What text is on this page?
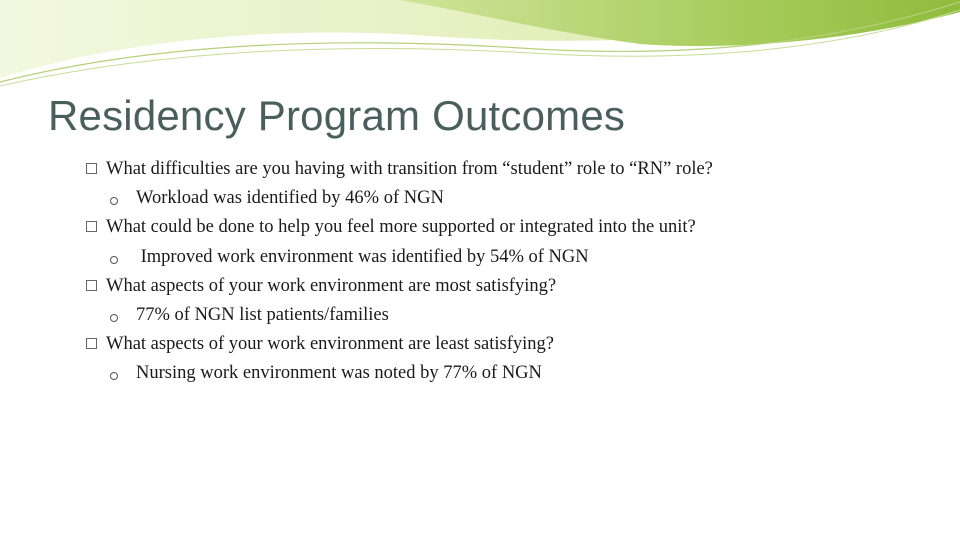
Residency Program Outcomes
What difficulties are you having with transition from “student” role to “RN” role?
Workload was identified by 46% of NGN
What could be done to help you feel more supported or integrated into the unit?
Improved work environment was identified by 54% of NGN
What aspects of your work environment are most satisfying?
77% of NGN list patients/families
What aspects of your work environment are least satisfying?
Nursing work environment was noted by 77% of NGN
